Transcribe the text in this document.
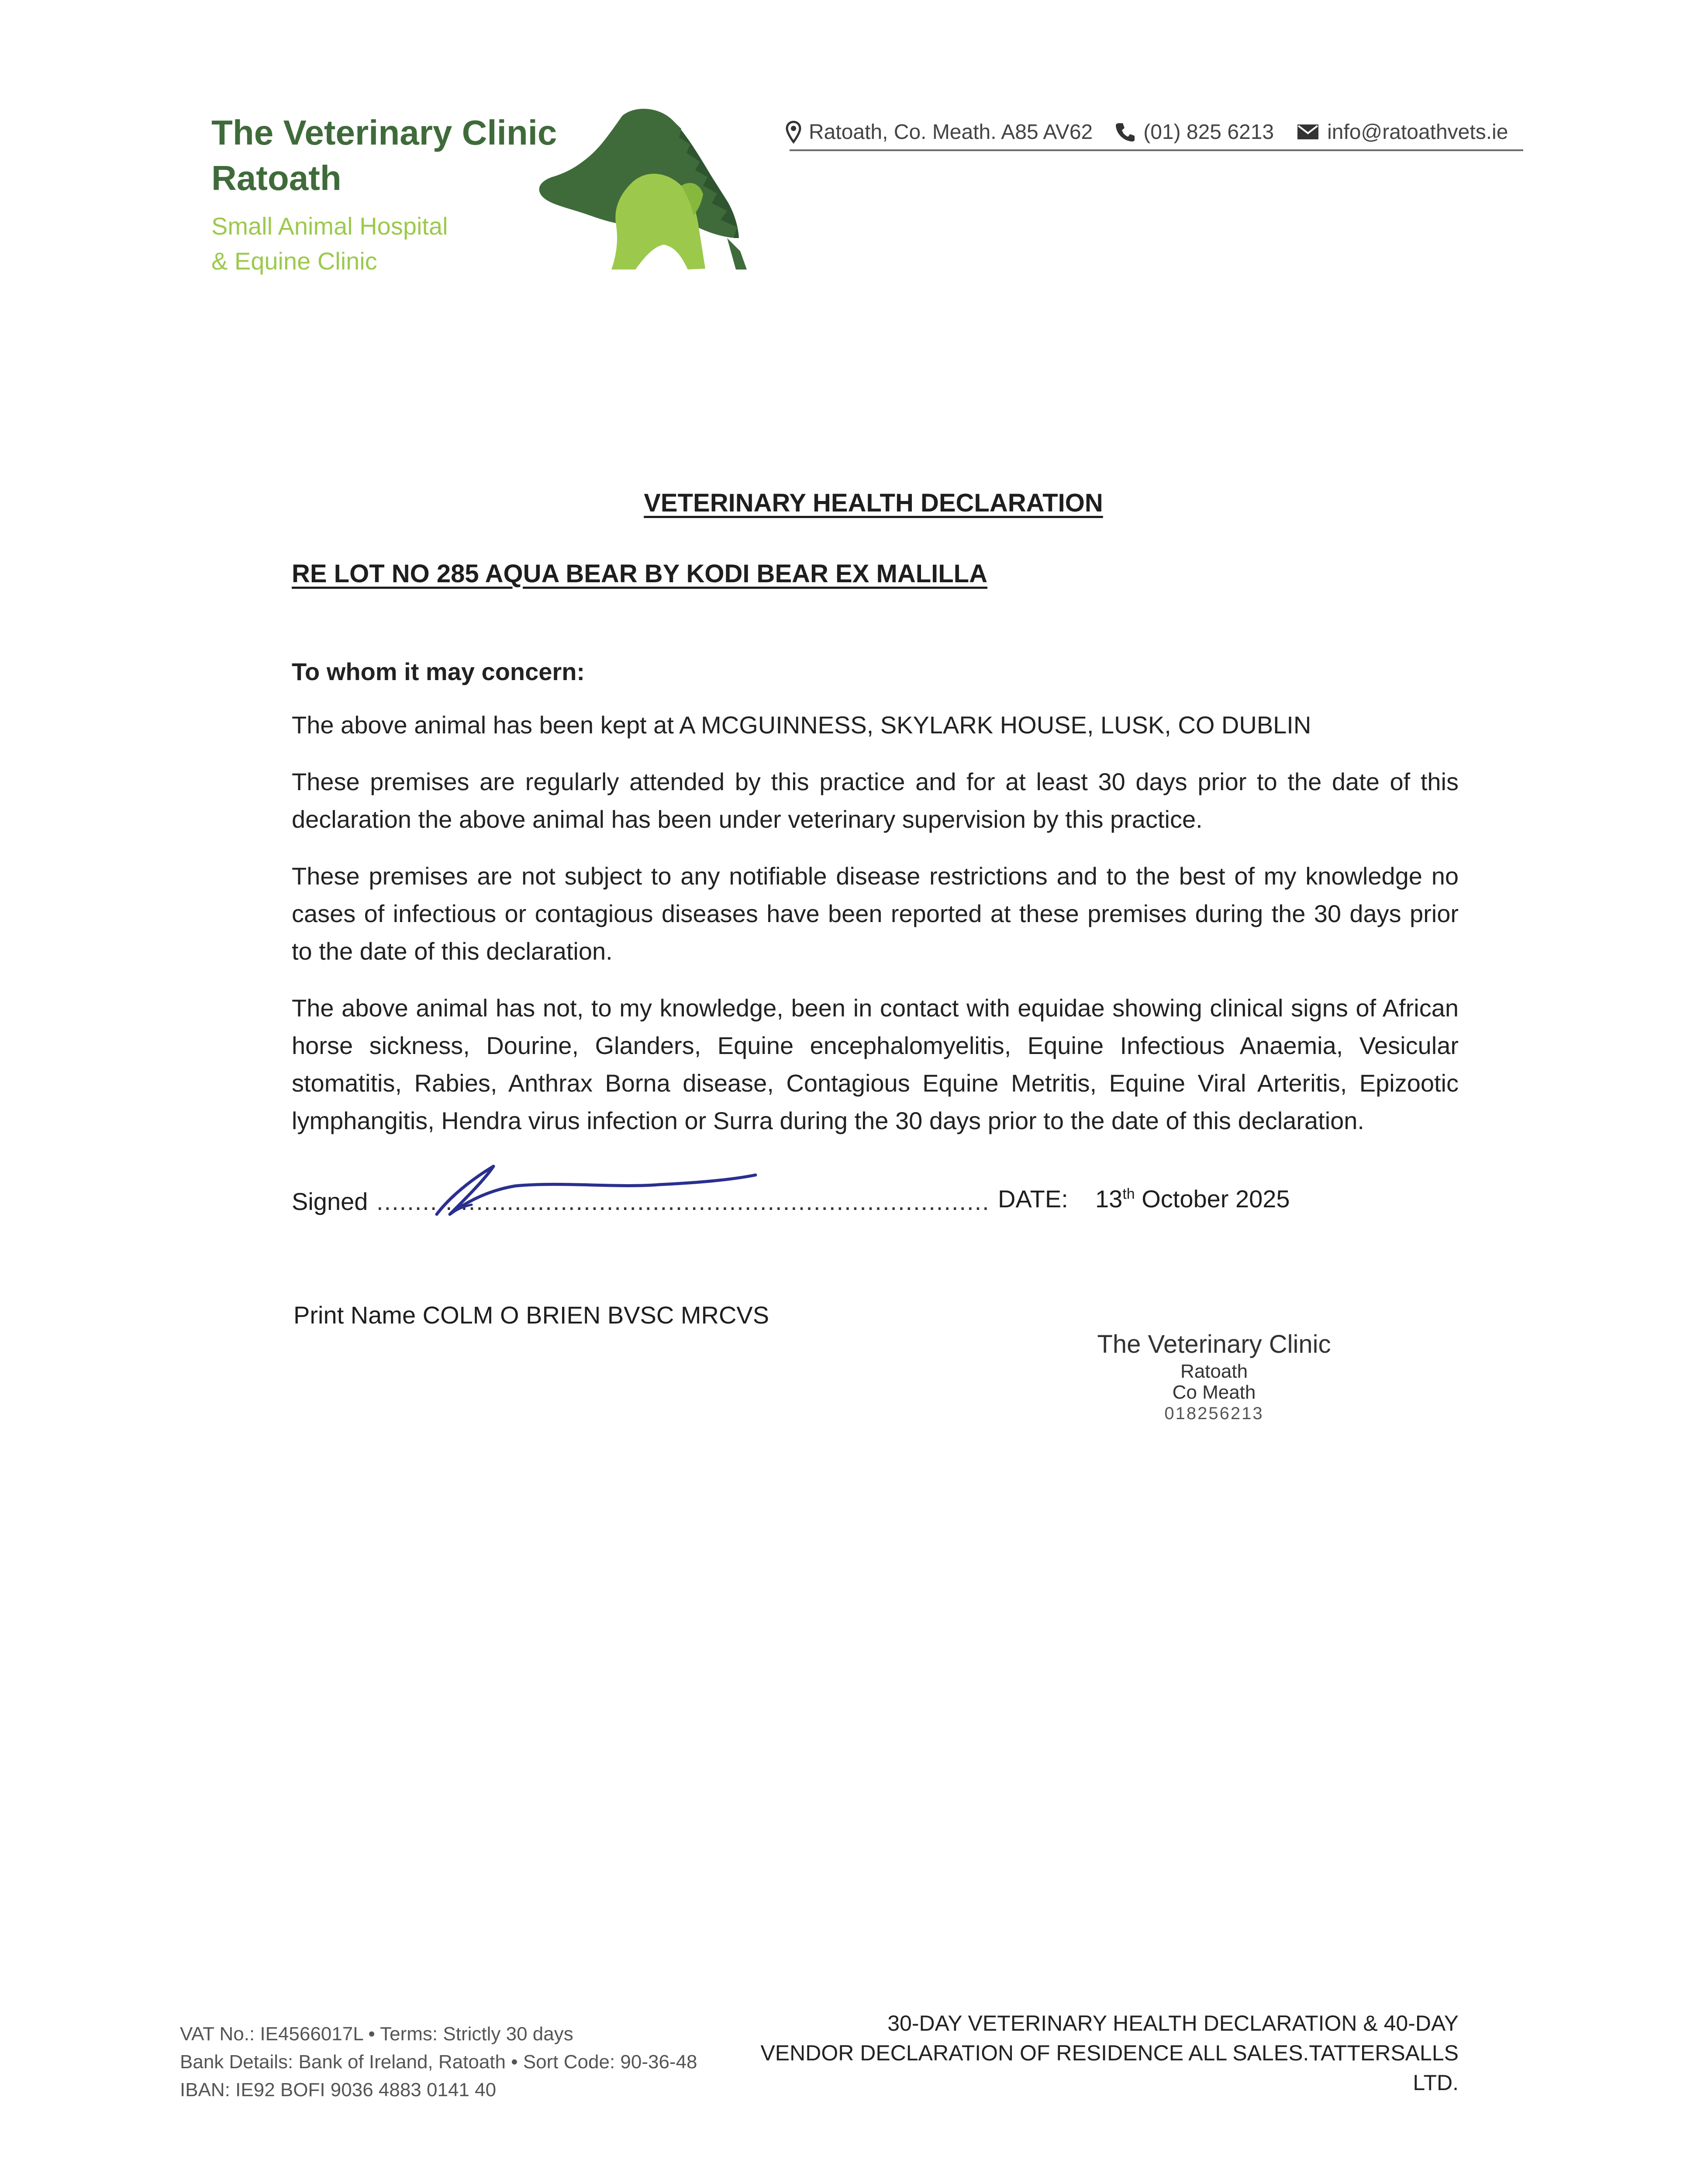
The Veterinary Clinic
Ratoath
Small Animal Hospital
& Equine Clinic
Ratoath, Co. Meath. A85 AV62 (01) 825 6213	info@ratoathvets.ie
VETERINARY HEALTH DECLARATION
RE LOT NO 285 AQUA BEAR BY KODI BEAR EX MALILLA

To whom it may concern:

The above animal has been kept at A MCGUINNESS, SKYLARK HOUSE, LUSK, CO DUBLIN

These premises are regularly attended by this practice and for at least 30 days prior to the date of this declaration the above animal has been under veterinary supervision by this practice.

These premises are not subject to any notifiable disease restrictions and to the best of my knowledge no cases of infectious or contagious diseases have been reported at these premises during the 30 days prior to the date of this declaration.

The above animal has not, to my knowledge, been in contact with equidae showing clinical signs of African horse sickness, Dourine, Glanders, Equine encephalomyelitis, Equine Infectious Anaemia, Vesicular stomatitis, Rabies, Anthrax Borna disease, Contagious Equine Metritis, Equine Viral Arteritis, Epizootic lymphangitis, Hendra virus infection or Surra during the 30 days prior to the date of this declaration.

Signed ................................................................................ DATE: 13th October 2025
Print Name COLM O BRIEN BVSC MRCVS
The Veterinary Clinic
Ratoath
Co Meath
018256213
VAT No.: IE4566017L • Terms: Strictly 30 days
Bank Details: Bank of Ireland, Ratoath • Sort Code: 90-36-48
IBAN: IE92 BOFI 9036 4883 0141 40
30-DAY VETERINARY HEALTH DECLARATION & 40-DAY
VENDOR DECLARATION OF RESIDENCE ALL SALES.TATTERSALLS LTD.
